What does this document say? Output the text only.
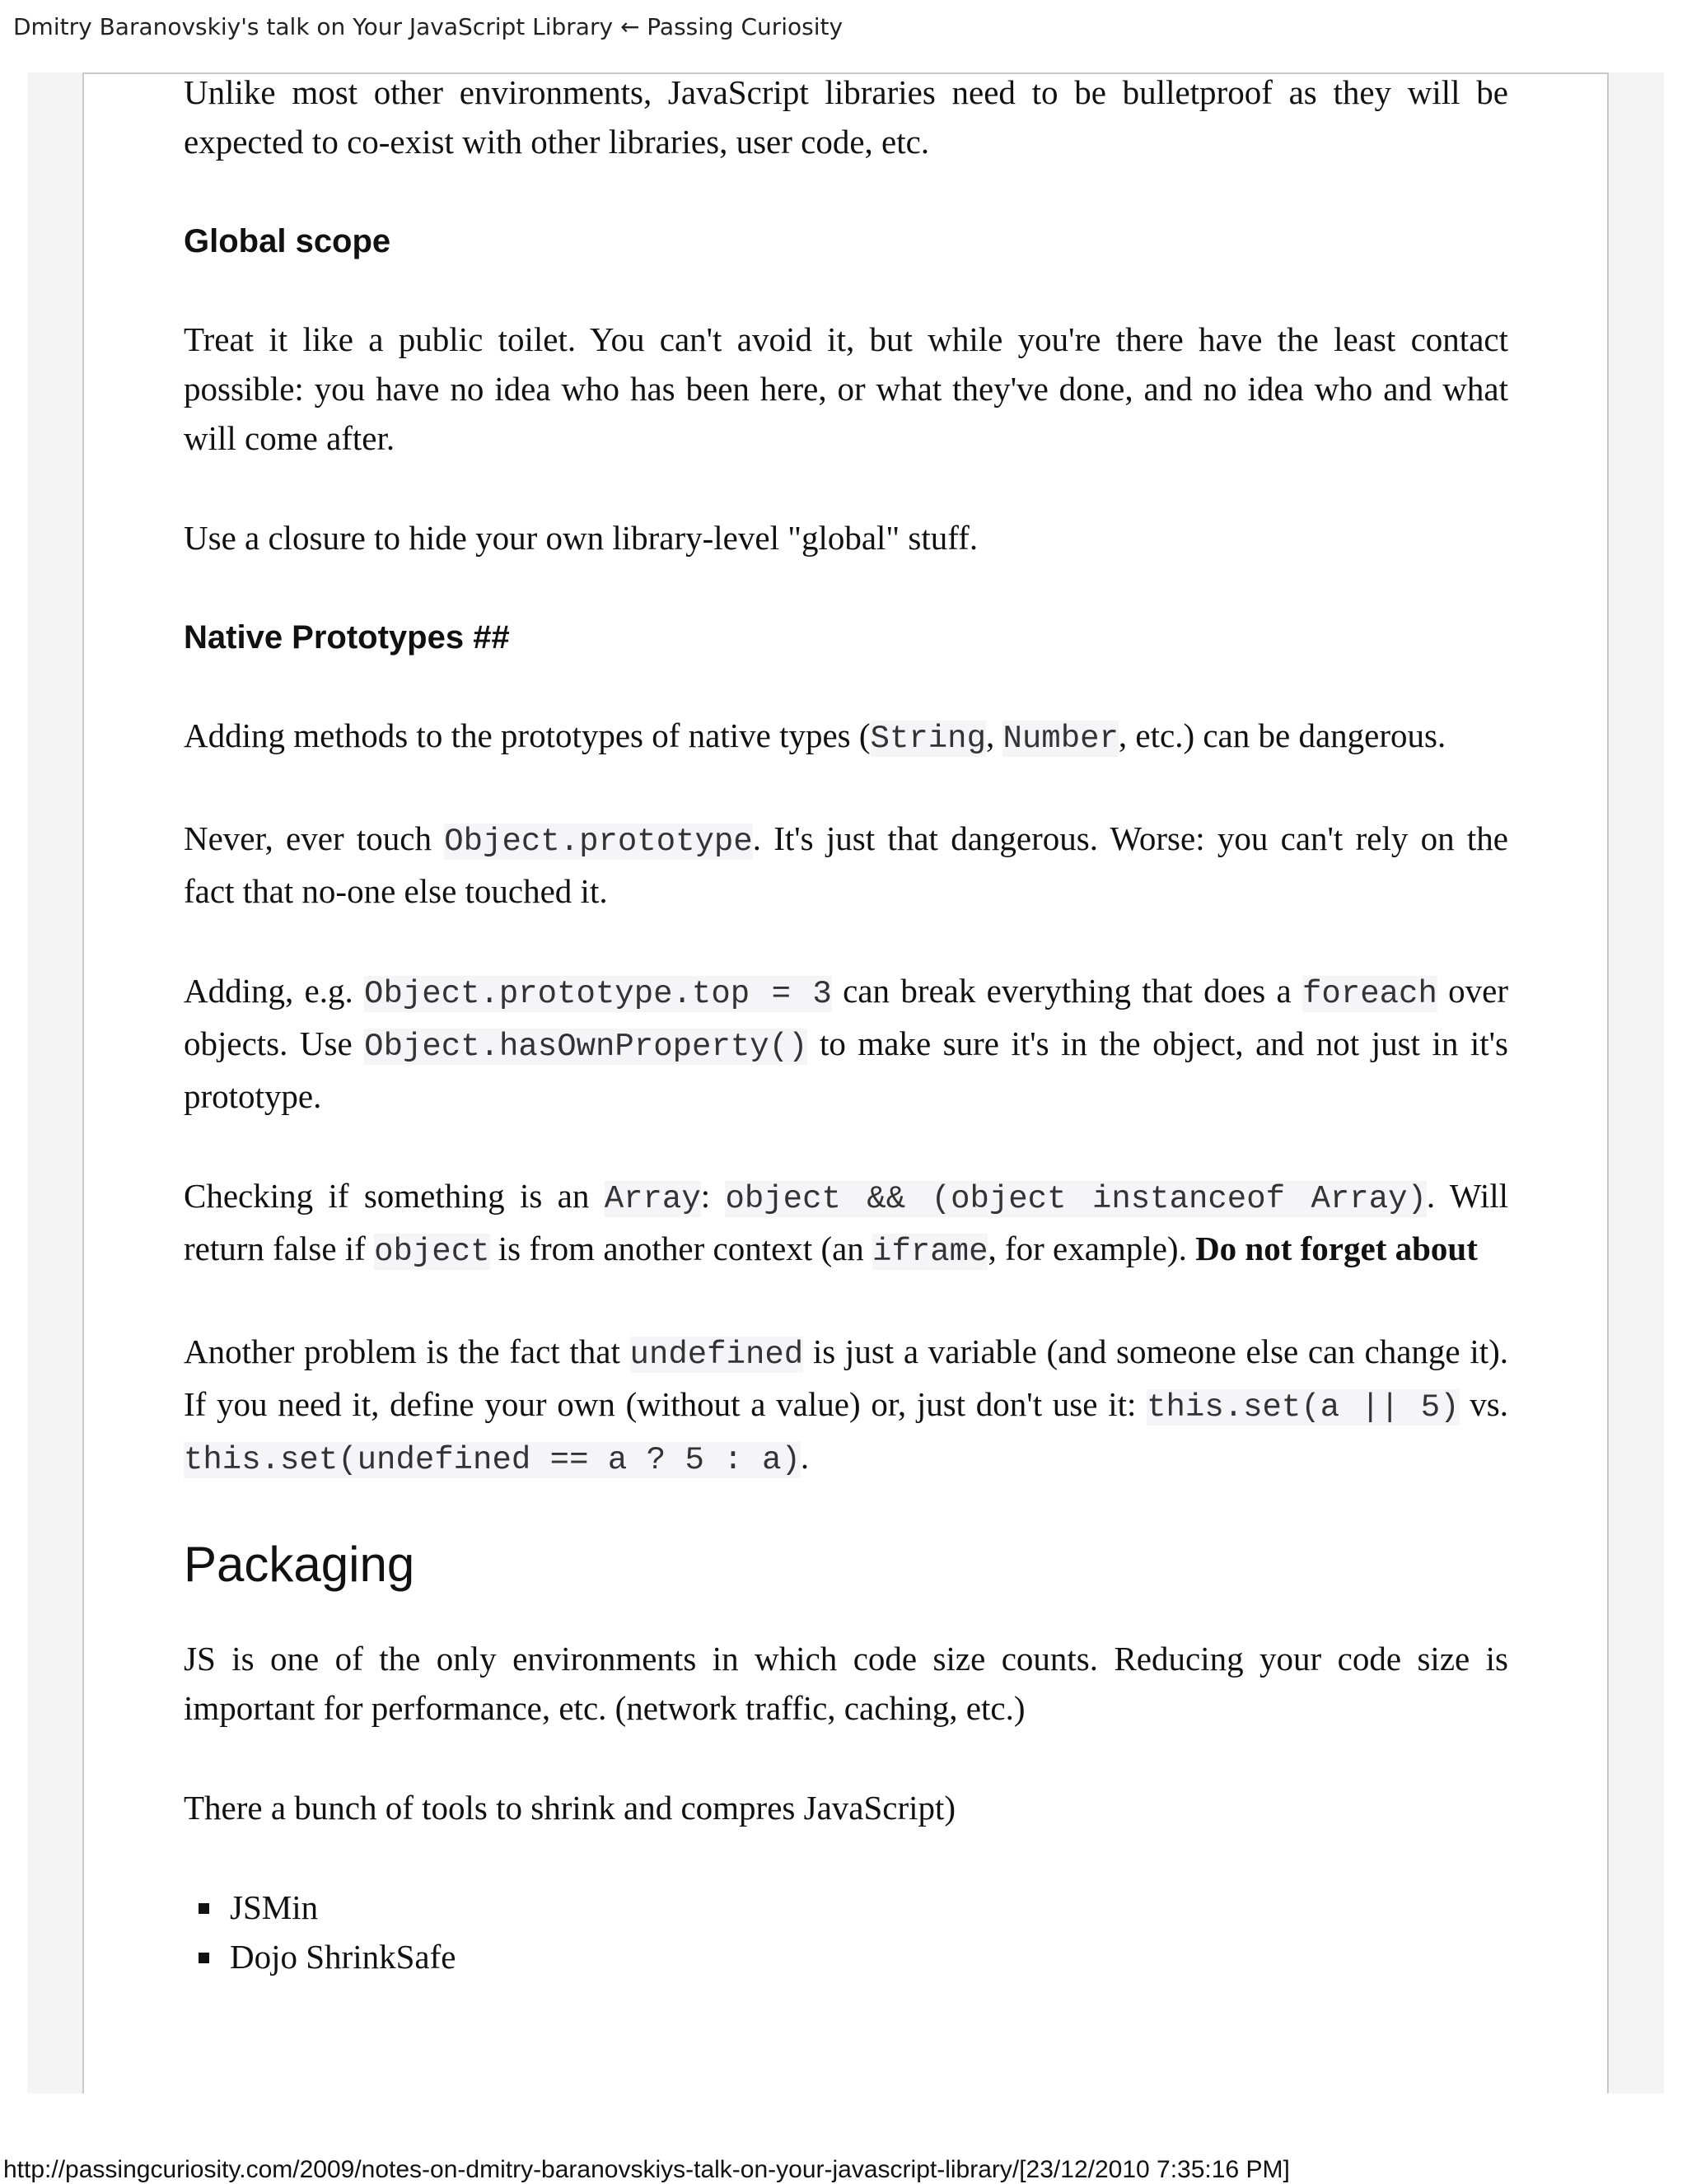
Dmitry Baranovskiy's talk on Your JavaScript Library ← Passing Curiosity

Unlike most other environments, JavaScript libraries need to be bulletproof as they will be expected to co-exist with other libraries, user code, etc.

Global scope

Treat it like a public toilet. You can't avoid it, but while you're there have the least contact possible: you have no idea who has been here, or what they've done, and no idea who and what will come after.

Use a closure to hide your own library-level "global" stuff.

Native Prototypes ##

Adding methods to the prototypes of native types (String, Number, etc.) can be dangerous.

Never, ever touch Object.prototype. It's just that dangerous. Worse: you can't rely on the fact that no-one else touched it.

Adding, e.g. Object.prototype.top = 3 can break everything that does a foreach over objects. Use Object.hasOwnProperty() to make sure it's in the object, and not just in it's prototype.

Checking if something is an Array: object && (object instanceof Array). Will return false if object is from another context (an iframe, for example). Do not forget about

Another problem is the fact that undefined is just a variable (and someone else can change it). If you need it, define your own (without a value) or, just don't use it: this.set(a || 5) vs. this.set(undefined == a ? 5 : a).

Packaging

JS is one of the only environments in which code size counts. Reducing your code size is important for performance, etc. (network traffic, caching, etc.)

There a bunch of tools to shrink and compres JavaScript)

JSMin
Dojo ShrinkSafe
http://passingcuriosity.com/2009/notes-on-dmitry-baranovskiys-talk-on-your-javascript-library/[23/12/2010 7:35:16 PM]
